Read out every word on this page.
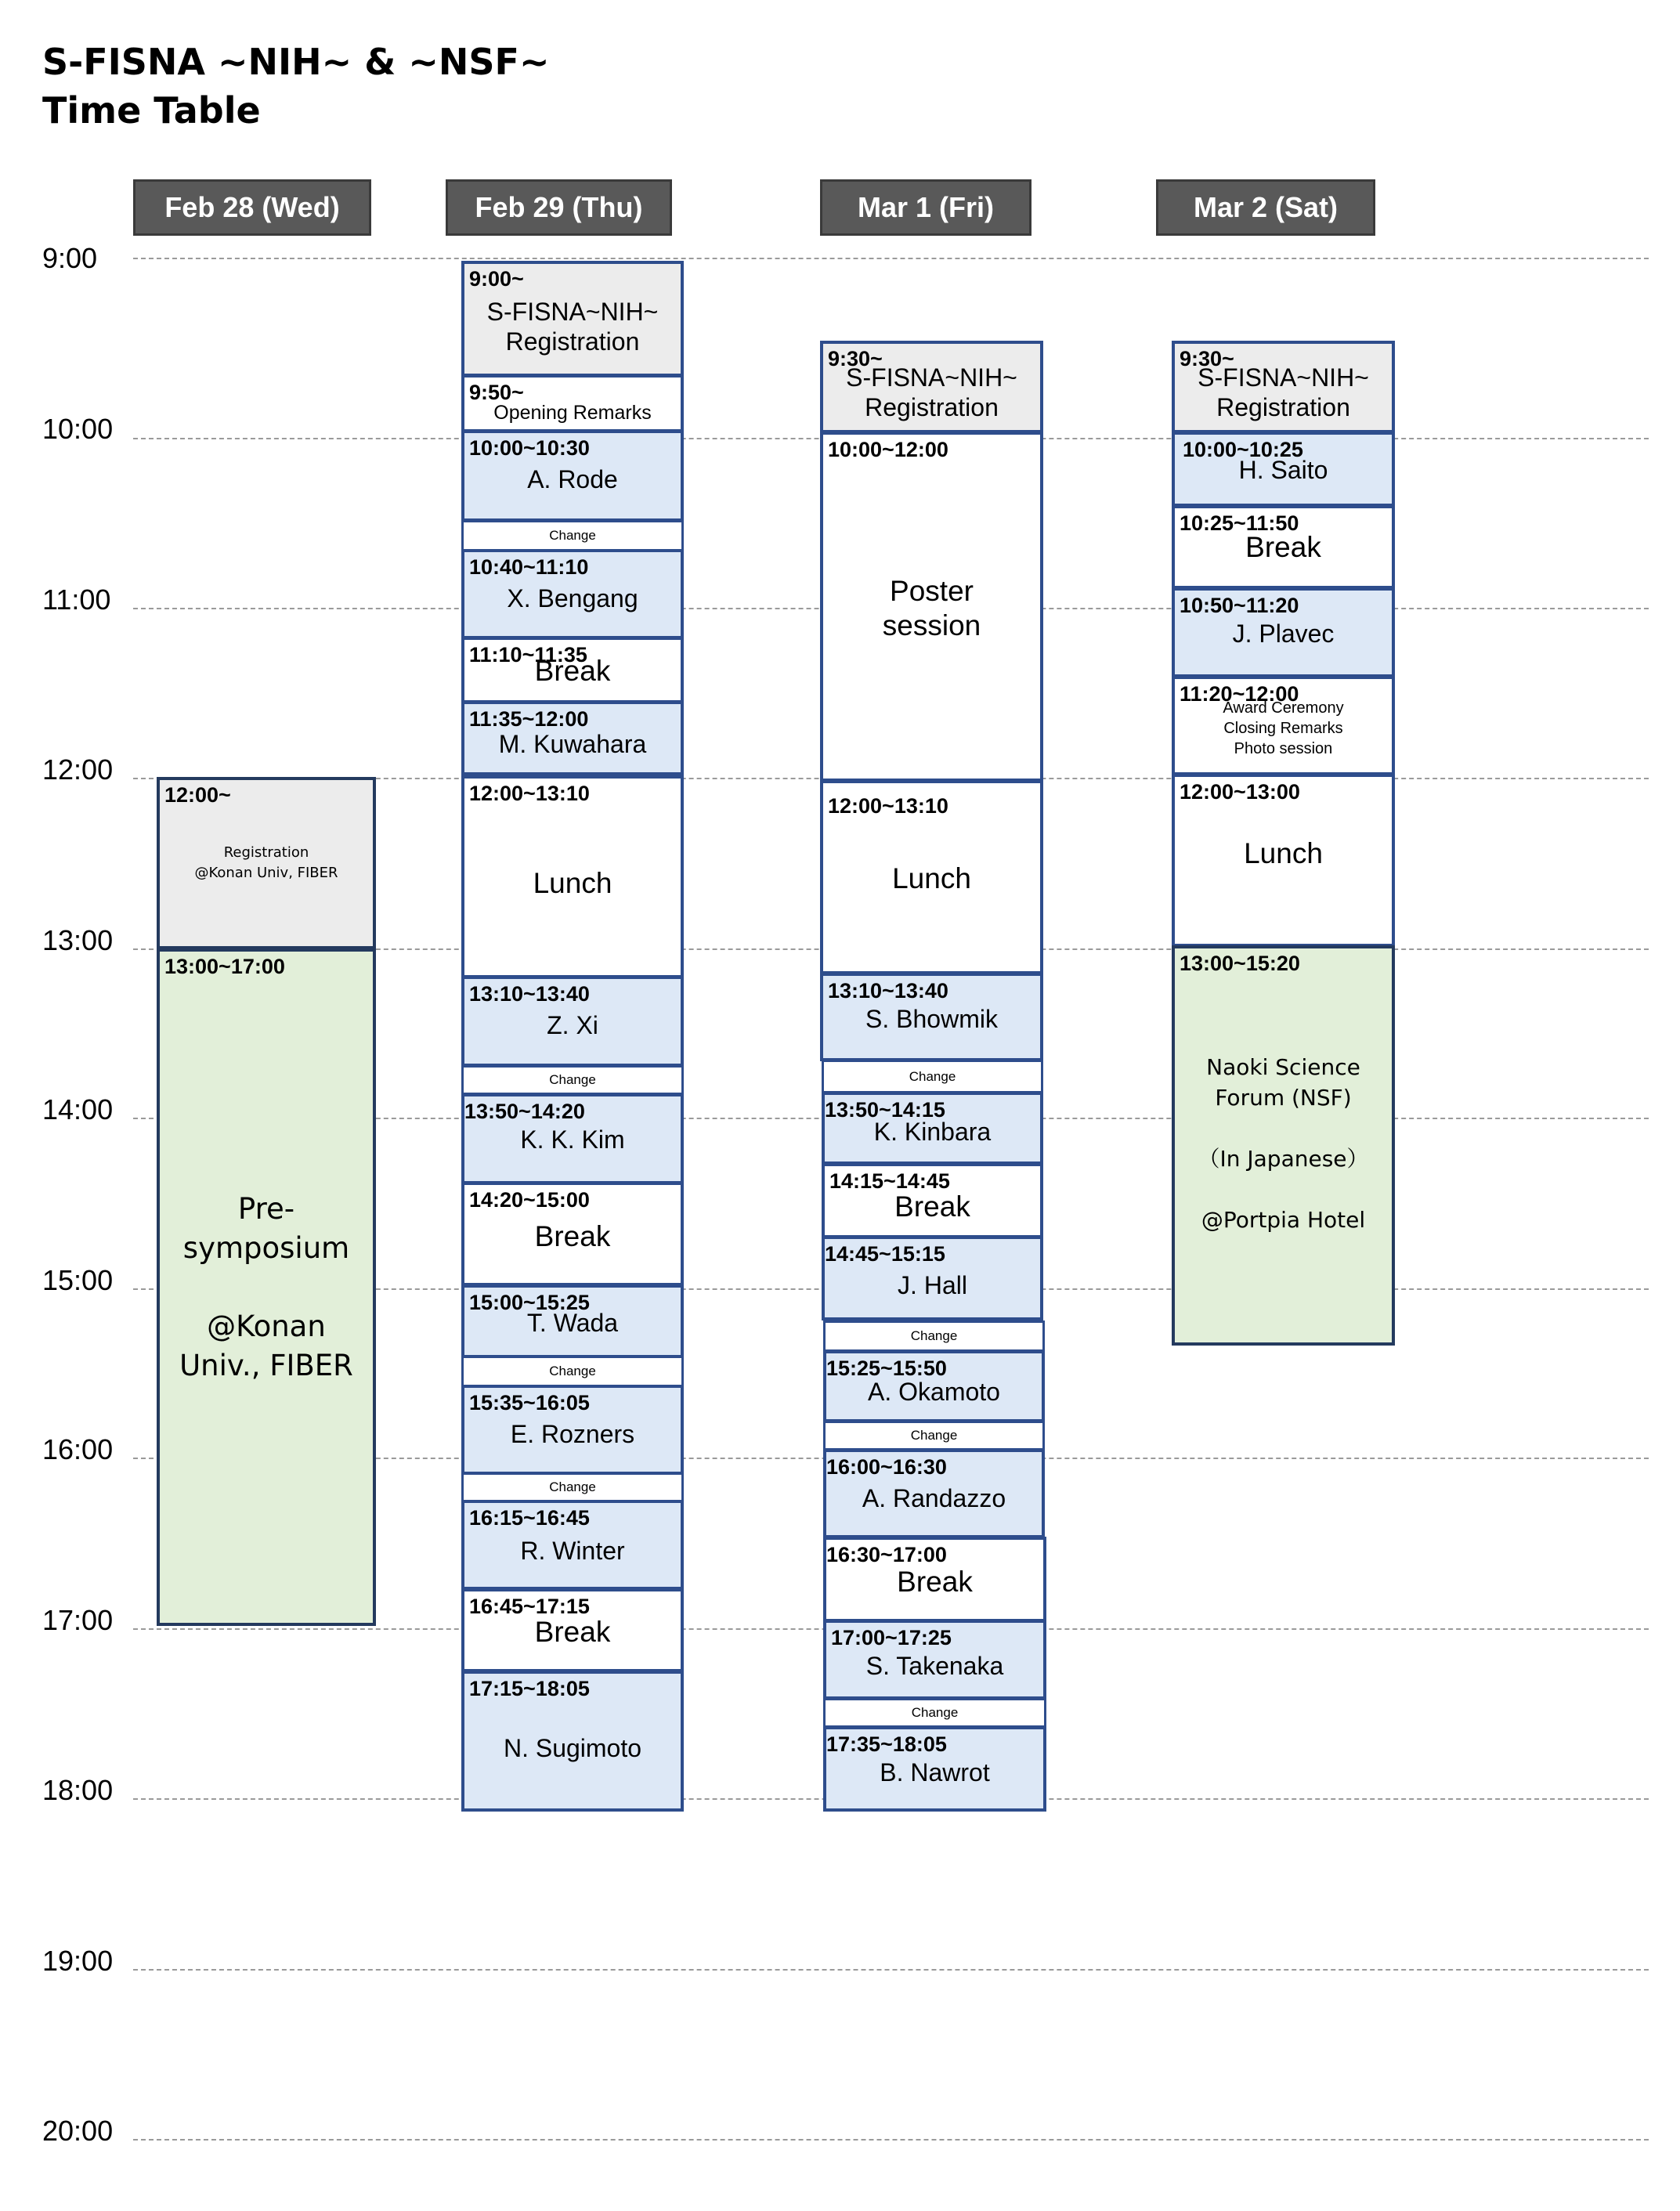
S-FISNA ~NIH~ & ~NSF~
Time Table
Feb 28 (Wed)	Feb 29 (Thu)	Mar 1 (Fri)	Mar 2 (Sat)
9:00
10:00
11:00
12:00
13:00
14:00
15:00
16:00
17:00
18:00
19:00
20:00
12:00~
Registration
@Konan Univ, FIBER
13:00~17:00
Pre-
symposium

@Konan
Univ., FIBER
9:00~
S-FISNA~NIH~
Registration
9:50~
Opening Remarks
10:00~10:30
A. Rode
Change
10:40~11:10
X. Bengang
11:10~11:35
Break
11:35~12:00
M. Kuwahara
12:00~13:10
Lunch
13:10~13:40
Z. Xi
Change
13:50~14:20
K. K. Kim
14:20~15:00
Break
15:00~15:25
T. Wada
Change
15:35~16:05
E. Rozners
Change
16:15~16:45
R. Winter
16:45~17:15
Break
17:15~18:05
N. Sugimoto
9:30~
S-FISNA~NIH~
Registration
10:00~12:00
Poster
session
12:00~13:10
Lunch
13:10~13:40
S. Bhowmik
Change
13:50~14:15
K. Kinbara
14:15~14:45
Break
14:45~15:15
J. Hall
Change
15:25~15:50
A. Okamoto
Change
16:00~16:30
A. Randazzo
16:30~17:00
Break
17:00~17:25
S. Takenaka
Change
17:35~18:05
B. Nawrot
9:30~
S-FISNA~NIH~
Registration
10:00~10:25
H. Saito
10:25~11:50
Break
10:50~11:20
J. Plavec
11:20~12:00
Award Ceremony
Closing Remarks
Photo session
12:00~13:00
Lunch
13:00~15:20
Naoki Science
Forum (NSF)

（In Japanese）

@Portpia Hotel
